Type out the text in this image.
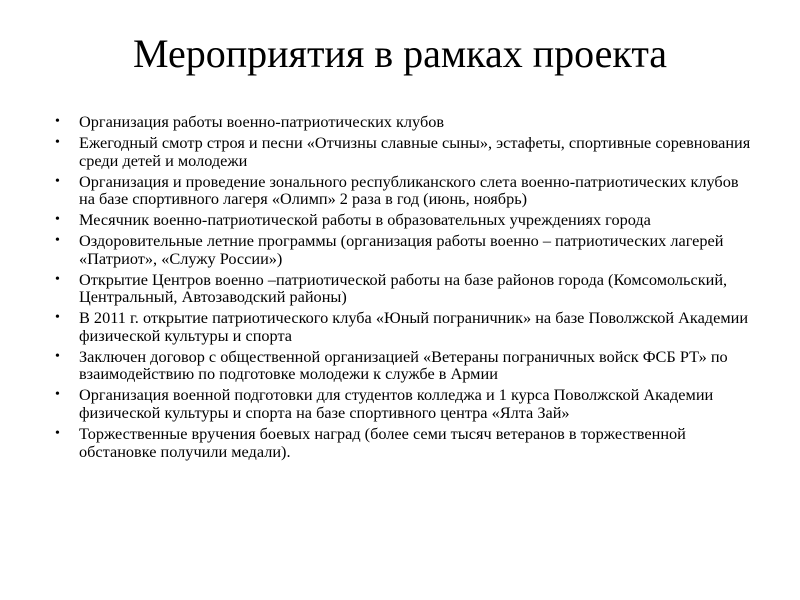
Мероприятия в рамках проекта
•	Организация работы военно-патриотических клубов
•	Ежегодный смотр строя и песни «Отчизны славные сыны», эстафеты, спортивные соревнования среди детей и молодежи
•	Организация и проведение зонального республиканского слета военно-патриотических клубов на базе спортивного лагеря «Олимп» 2 раза в год (июнь, ноябрь)
•	Месячник военно-патриотической работы в образовательных учреждениях города
•	Оздоровительные летние программы (организация работы военно – патриотических лагерей «Патриот», «Служу России»)
•	Открытие Центров военно –патриотической работы на базе районов города (Комсомольский, Центральный, Автозаводский районы)
•	В 2011 г. открытие патриотического клуба «Юный пограничник» на базе Поволжской Академии физической культуры и спорта
•	Заключен договор с общественной организацией «Ветераны пограничных войск ФСБ РТ» по взаимодействию по подготовке молодежи к службе в Армии
•	Организация военной подготовки для студентов колледжа и 1 курса Поволжской Академии физической культуры и спорта на базе спортивного центра «Ялта Зай»
•	Торжественные вручения боевых наград (более семи тысяч ветеранов в торжественной обстановке получили медали).
